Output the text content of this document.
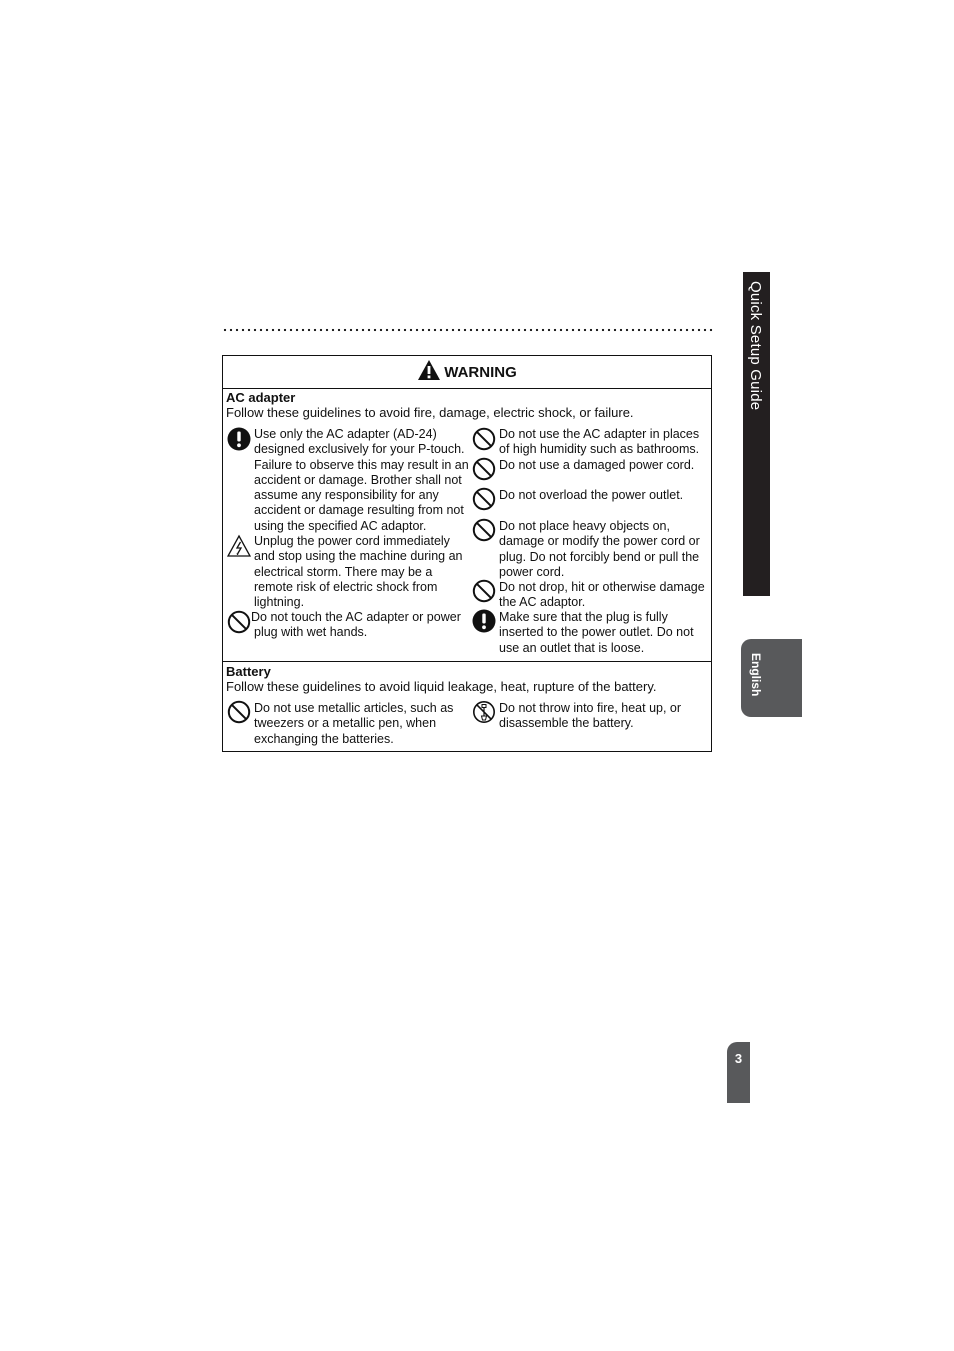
Quick Setup Guide
English
3
WARNING
AC adapter
Follow these guidelines to avoid fire, damage, electric shock, or failure.
Use only the AC adapter (AD-24)
designed exclusively for your P-touch.
Failure to observe this may result in an
accident or damage. Brother shall not
assume any responsibility for any
accident or damage resulting from not
using the specified AC adaptor.
Unplug the power cord immediately
and stop using the machine during an
electrical storm. There may be a
remote risk of electric shock from
lightning.
Do not touch the AC adapter or power
plug with wet hands.
Do not use the AC adapter in places
of high humidity such as bathrooms.
Do not use a damaged power cord.
Do not overload the power outlet.
Do not place heavy objects on,
damage or modify the power cord or
plug. Do not forcibly bend or pull the
power cord.
Do not drop, hit or otherwise damage
the AC adaptor.
Make sure that the plug is fully
inserted to the power outlet. Do not
use an outlet that is loose.
Battery
Follow these guidelines to avoid liquid leakage, heat, rupture of the battery.
Do not use metallic articles, such as
tweezers or a metallic pen, when
exchanging the batteries.
Do not throw into fire, heat up, or
disassemble the battery.
